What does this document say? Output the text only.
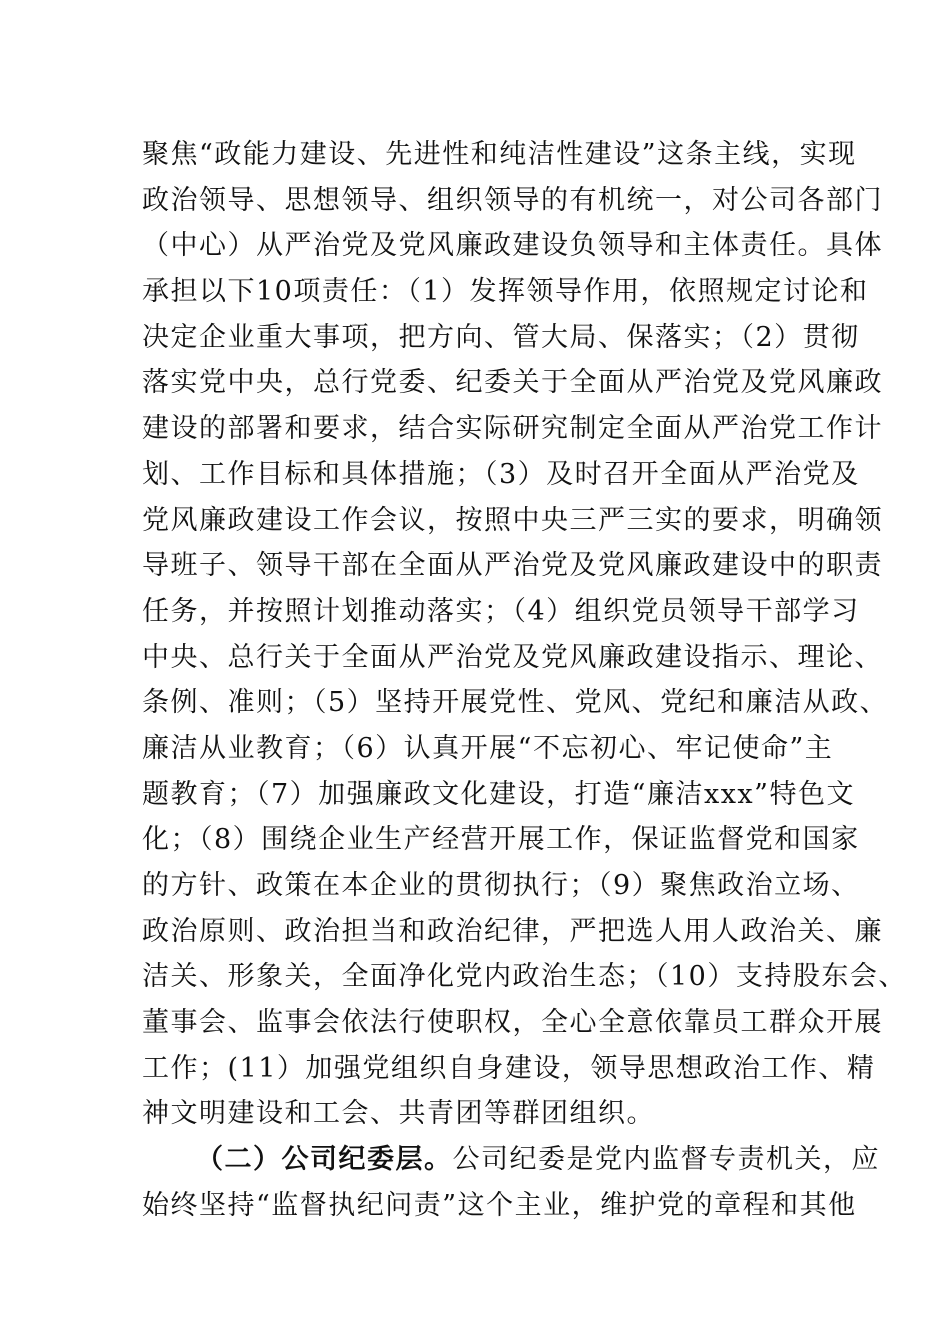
聚焦“政能力建设、先进性和纯洁性建设”这条主线，实现
政治领导、思想领导、组织领导的有机统一，对公司各部门
（中心）从严治党及党风廉政建设负领导和主体责任。具体
承担以下10项责任：（1）发挥领导作用，依照规定讨论和
决定企业重大事项，把方向、管大局、保落实；（2）贯彻
落实党中央，总行党委、纪委关于全面从严治党及党风廉政
建设的部署和要求，结合实际研究制定全面从严治党工作计
划、工作目标和具体措施；（3）及时召开全面从严治党及
党风廉政建设工作会议，按照中央三严三实的要求，明确领
导班子、领导干部在全面从严治党及党风廉政建设中的职责
任务，并按照计划推动落实；（4）组织党员领导干部学习
中央、总行关于全面从严治党及党风廉政建设指示、理论、
条例、准则；（5）坚持开展党性、党风、党纪和廉洁从政、
廉洁从业教育；（6）认真开展“不忘初心、牢记使命”主
题教育；（7）加强廉政文化建设，打造“廉洁xxx”特色文
化；（8）围绕企业生产经营开展工作，保证监督党和国家
的方针、政策在本企业的贯彻执行；（9）聚焦政治立场、
政治原则、政治担当和政治纪律，严把选人用人政治关、廉
洁关、形象关，全面净化党内政治生态；（10）支持股东会、
董事会、监事会依法行使职权，全心全意依靠员工群众开展
工作；(11）加强党组织自身建设，领导思想政治工作、精
神文明建设和工会、共青团等群团组织。
（二）公司纪委层。公司纪委是党内监督专责机关，应
始终坚持“监督执纪问责”这个主业，维护党的章程和其他
